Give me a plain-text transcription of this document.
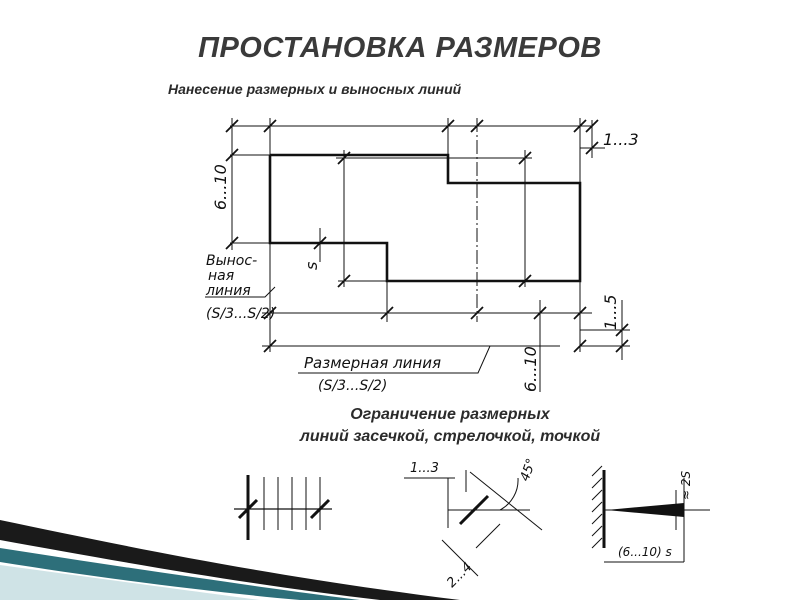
ПРОСТАНОВКА РАЗМЕРОВ
Нанесение размерных и выносных линий
Ограничение размерных
линий засечкой, стрелочкой, точкой
1...3
6...10
s
Вынос-
ная
линия
(S/3...S/2)	1...5
Размерная линия
(S/3...S/2)	6...10
1...3	45°
2...4
≈ 2S
(6...10) s
